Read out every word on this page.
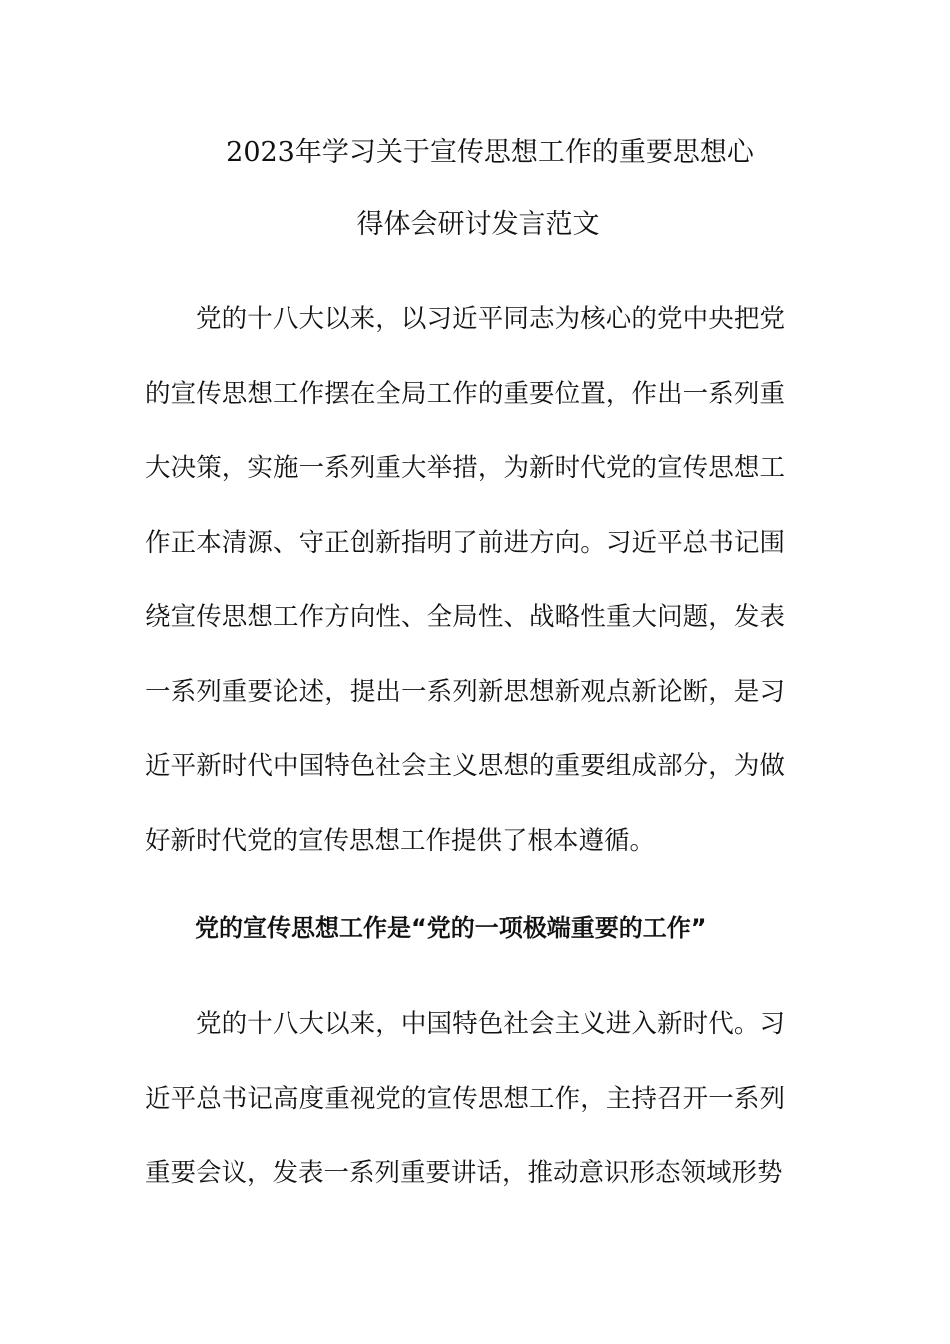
2023年学习关于宣传思想工作的重要思想心
得体会研讨发言范文

党的十八大以来，以习近平同志为核心的党中央把党的宣传思想工作摆在全局工作的重要位置，作出一系列重大决策，实施一系列重大举措，为新时代党的宣传思想工作正本清源、守正创新指明了前进方向。习近平总书记围绕宣传思想工作方向性、全局性、战略性重大问题，发表一系列重要论述，提出一系列新思想新观点新论断，是习近平新时代中国特色社会主义思想的重要组成部分，为做好新时代党的宣传思想工作提供了根本遵循。

党的宣传思想工作是“党的一项极端重要的工作”

党的十八大以来，中国特色社会主义进入新时代。习近平总书记高度重视党的宣传思想工作，主持召开一系列重要会议，发表一系列重要讲话，推动意识形态领域形势
